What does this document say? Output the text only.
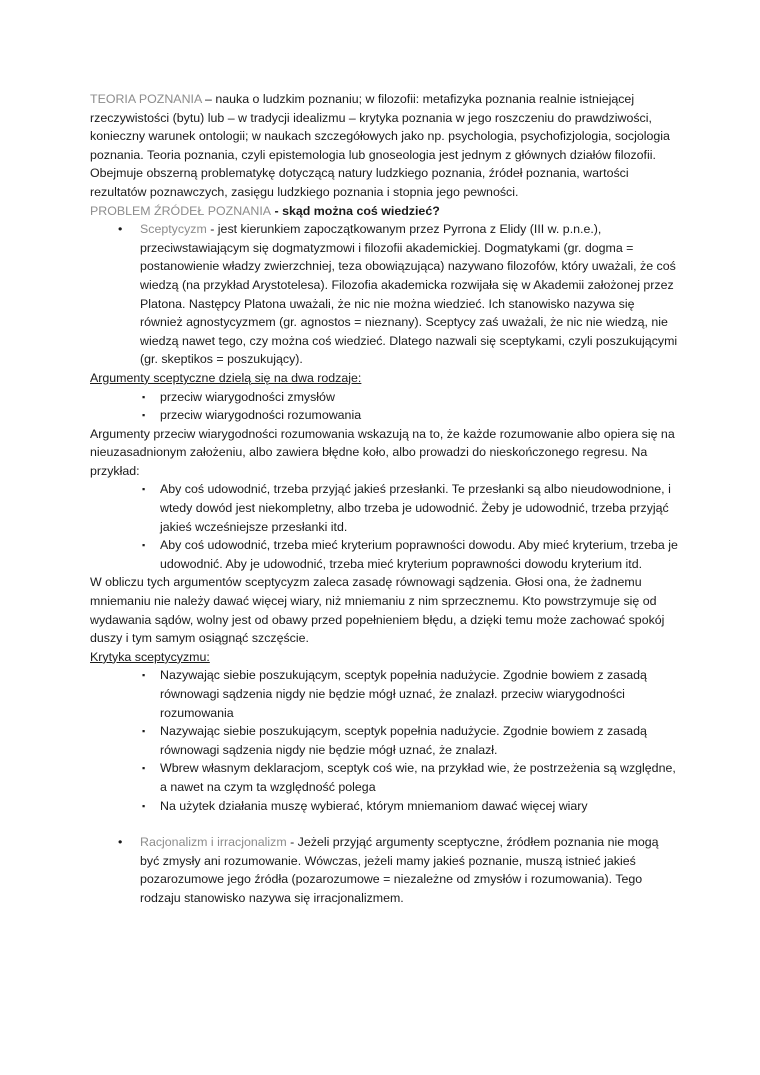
TEORIA POZNANIA – nauka o ludzkim poznaniu; w filozofii: metafizyka poznania realnie istniejącej rzeczywistości (bytu) lub – w tradycji idealizmu – krytyka poznania w jego roszczeniu do prawdziwości, konieczny warunek ontologii; w naukach szczegółowych jako np. psychologia, psychofizjologia, socjologia poznania. Teoria poznania, czyli epistemologia lub gnoseologia jest jednym z głównych działów filozofii. Obejmuje obszerną problematykę dotyczącą natury ludzkiego poznania, źródeł poznania, wartości rezultatów poznawczych, zasięgu ludzkiego poznania i stopnia jego pewności.

PROBLEM ŹRÓDEŁ POZNANIA - skąd można coś wiedzieć?

• Sceptycyzm - jest kierunkiem zapoczątkowanym przez Pyrrona z Elidy (III w. p.n.e.), przeciwstawiającym się dogmatyzmowi i filozofii akademickiej. Dogmatykami (gr. dogma = postanowienie władzy zwierzchniej, teza obowiązująca) nazywano filozofów, który uważali, że coś wiedzą (na przykład Arystotelesa). Filozofia akademicka rozwijała się w Akademii założonej przez Platona. Następcy Platona uważali, że nic nie można wiedzieć. Ich stanowisko nazywa się również agnostycyzmem (gr. agnostos = nieznany). Sceptycy zaś uważali, że nic nie wiedzą, nie wiedzą nawet tego, czy można coś wiedzieć. Dlatego nazwali się sceptykami, czyli poszukującymi (gr. skeptikos = poszukujący).

Argumenty sceptyczne dzielą się na dwa rodzaje:

▪ przeciw wiarygodności zmysłów
▪ przeciw wiarygodności rozumowania

Argumenty przeciw wiarygodności rozumowania wskazują na to, że każde rozumowanie albo opiera się na nieuzasadnionym założeniu, albo zawiera błędne koło, albo prowadzi do nieskończonego regresu. Na przykład:

▪ Aby coś udowodnić, trzeba przyjąć jakieś przesłanki. Te przesłanki są albo nieudowodnione, i wtedy dowód jest niekompletny, albo trzeba je udowodnić. Żeby je udowodnić, trzeba przyjąć jakieś wcześniejsze przesłanki itd.
▪ Aby coś udowodnić, trzeba mieć kryterium poprawności dowodu. Aby mieć kryterium, trzeba je udowodnić. Aby je udowodnić, trzeba mieć kryterium poprawności dowodu kryterium itd.

W obliczu tych argumentów sceptycyzm zaleca zasadę równowagi sądzenia. Głosi ona, że żadnemu mniemaniu nie należy dawać więcej wiary, niż mniemaniu z nim sprzecznemu. Kto powstrzymuje się od wydawania sądów, wolny jest od obawy przed popełnieniem błędu, a dzięki temu może zachować spokój duszy i tym samym osiągnąć szczęście.

Krytyka sceptycyzmu:

▪ Nazywając siebie poszukującym, sceptyk popełnia nadużycie. Zgodnie bowiem z zasadą równowagi sądzenia nigdy nie będzie mógł uznać, że znalazł. przeciw wiarygodności rozumowania
▪ Nazywając siebie poszukującym, sceptyk popełnia nadużycie. Zgodnie bowiem z zasadą równowagi sądzenia nigdy nie będzie mógł uznać, że znalazł.
▪ Wbrew własnym deklaracjom, sceptyk coś wie, na przykład wie, że postrzeżenia są względne, a nawet na czym ta względność polega
▪ Na użytek działania muszę wybierać, którym mniemaniom dawać więcej wiary
• Racjonalizm i irracjonalizm - Jeżeli przyjąć argumenty sceptyczne, źródłem poznania nie mogą być zmysły ani rozumowanie. Wówczas, jeżeli mamy jakieś poznanie, muszą istnieć jakieś pozarozumowe jego źródła (pozarozumowe = niezależne od zmysłów i rozumowania). Tego rodzaju stanowisko nazywa się irracjonalizmem.
